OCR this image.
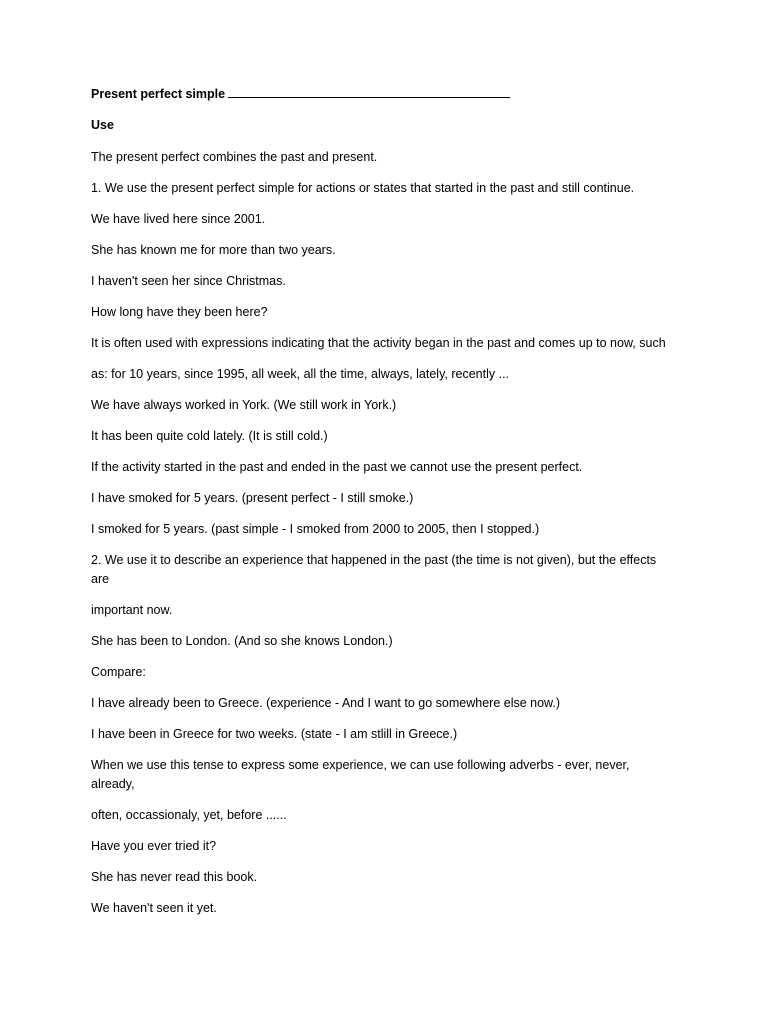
Present perfect simple
Use

The present perfect combines the past and present.

1. We use the present perfect simple for actions or states that started in the past and still continue.

We have lived here since 2001.

She has known me for more than two years.

I haven't seen her since Christmas.

How long have they been here?

It is often used with expressions indicating that the activity began in the past and comes up to now, such

as: for 10 years, since 1995, all week, all the time, always, lately, recently ...

We have always worked in York. (We still work in York.)

It has been quite cold lately. (It is still cold.)

If the activity started in the past and ended in the past we cannot use the present perfect.

I have smoked for 5 years. (present perfect - I still smoke.)

I smoked for 5 years. (past simple - I smoked from 2000 to 2005, then I stopped.)

2. We use it to describe an experience that happened in the past (the time is not given), but the effects are

important now.

She has been to London. (And so she knows London.)

Compare:

I have already been to Greece. (experience - And I want to go somewhere else now.)

I have been in Greece for two weeks. (state - I am stlill in Greece.)

When we use this tense to express some experience, we can use following adverbs - ever, never, already,

often, occassionaly, yet, before ......

Have you ever tried it?

She has never read this book.

We haven't seen it yet.
